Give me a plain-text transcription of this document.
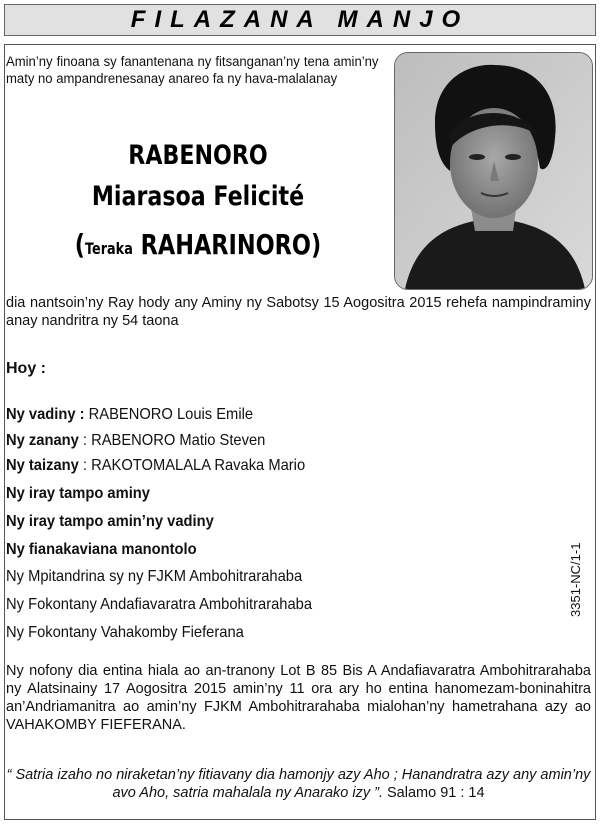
FILAZANA MANJO
Amin’ny finoana sy fanantenana ny fitsanganan’ny tena amin’ny maty no ampandrenesanay anareo fa ny hava-malalanay
RABENORO
Miarasoa Felicité
(Teraka RAHARINORO)
dia nantsoin’ny Ray hody any Aminy ny Sabotsy 15 Aogositra 2015 rehefa nampindraminy anay nandritra ny 54 taona
Hoy :
Ny vadiny : RABENORO Louis Emile
Ny zanany : RABENORO Matio Steven
Ny taizany : RAKOTOMALALA Ravaka Mario
Ny iray tampo aminy
Ny iray tampo amin’ny vadiny
Ny fianakaviana manontolo
Ny Mpitandrina sy ny FJKM Ambohitrarahaba
Ny Fokontany Andafiavaratra Ambohitrarahaba
Ny Fokontany Vahakomby Fieferana
3351-NC/1-1
Ny nofony dia entina hiala ao an-tranony Lot B 85 Bis A Andafiavaratra Ambohitrarahaba ny Alatsinainy 17 Aogositra 2015 amin’ny 11 ora ary ho entina hanomezam-boninahitra an’Andriamanitra ao amin’ny FJKM Ambohitrarahaba mialohan’ny hametrahana azy ao VAHAKOMBY FIEFERANA.
“ Satria izaho no niraketan’ny fitiavany dia hamonjy azy Aho ; Hanandratra azy any amin’ny avo Aho, satria mahalala ny Anarako izy ”. Salamo 91 : 14
